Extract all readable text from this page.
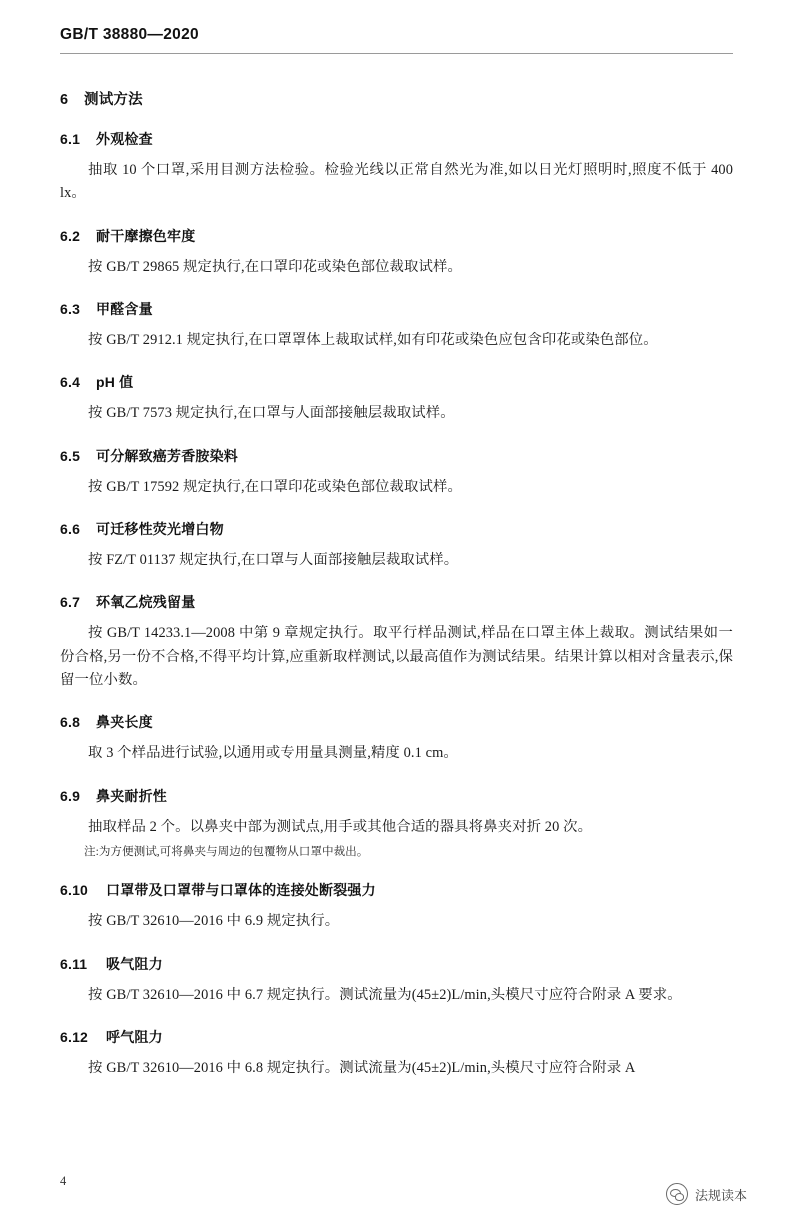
GB/T 38880—2020
6 测试方法
6.1 外观检查
抽取 10 个口罩,采用目测方法检验。检验光线以正常自然光为准,如以日光灯照明时,照度不低于 400 lx。
6.2 耐干摩擦色牢度
按 GB/T 29865 规定执行,在口罩印花或染色部位裁取试样。
6.3 甲醛含量
按 GB/T 2912.1 规定执行,在口罩罩体上裁取试样,如有印花或染色应包含印花或染色部位。
6.4 pH 值
按 GB/T 7573 规定执行,在口罩与人面部接触层裁取试样。
6.5 可分解致癌芳香胺染料
按 GB/T 17592 规定执行,在口罩印花或染色部位裁取试样。
6.6 可迁移性荧光增白物
按 FZ/T 01137 规定执行,在口罩与人面部接触层裁取试样。
6.7 环氧乙烷残留量
按 GB/T 14233.1—2008 中第 9 章规定执行。取平行样品测试,样品在口罩主体上裁取。测试结果如一份合格,另一份不合格,不得平均计算,应重新取样测试,以最高值作为测试结果。结果计算以相对含量表示,保留一位小数。
6.8 鼻夹长度
取 3 个样品进行试验,以通用或专用量具测量,精度 0.1 cm。
6.9 鼻夹耐折性
抽取样品 2 个。以鼻夹中部为测试点,用手或其他合适的器具将鼻夹对折 20 次。
注:为方便测试,可将鼻夹与周边的包覆物从口罩中裁出。
6.10 口罩带及口罩带与口罩体的连接处断裂强力
按 GB/T 32610—2016 中 6.9 规定执行。
6.11 吸气阻力
按 GB/T 32610—2016 中 6.7 规定执行。测试流量为(45±2)L/min,头模尺寸应符合附录 A 要求。
6.12 呼气阻力
按 GB/T 32610—2016 中 6.8 规定执行。测试流量为(45±2)L/min,头模尺寸应符合附录 A
4
法规读本
